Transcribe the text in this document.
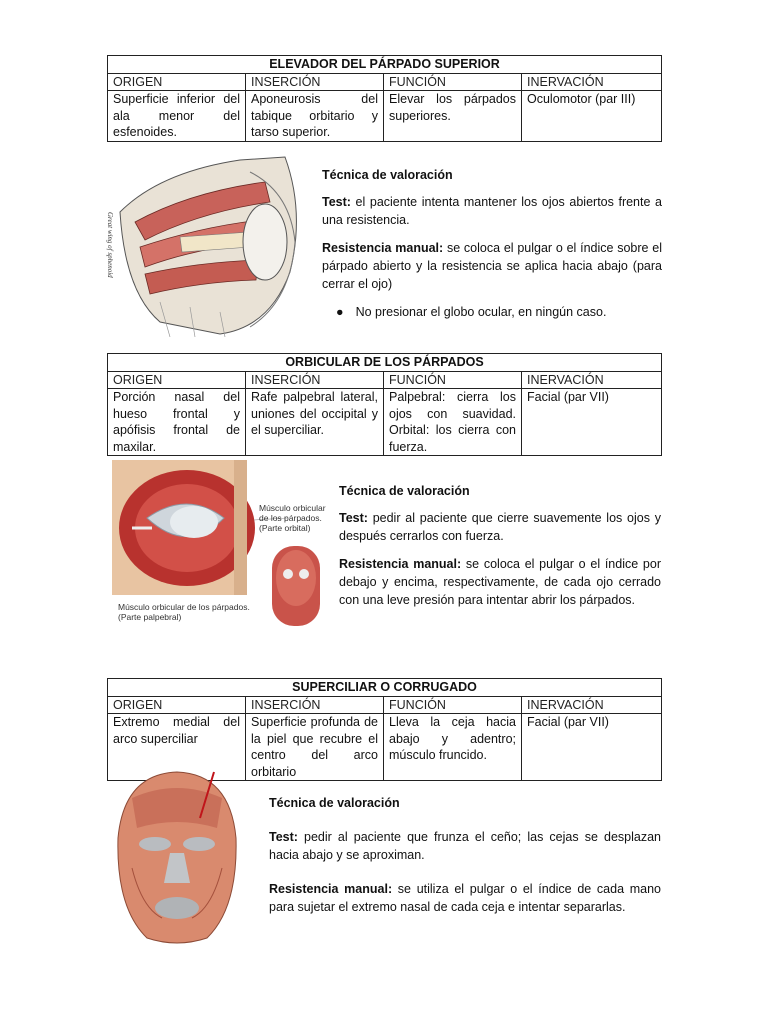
ELEVADOR DEL PÁRPADO SUPERIOR			
ORIGEN	INSERCIÓN	FUNCIÓN	INERVACIÓN
Superficie inferior del ala menor del esfenoides.	Aponeurosis del tabique orbitario y tarso superior.	Elevar los párpados superiores.	Oculomotor (par III)
Great wing of sphenoid
Técnica de valoración

Test: el paciente intenta mantener los ojos abiertos frente a una resistencia.

Resistencia manual: se coloca el pulgar o el índice sobre el párpado abierto y la resistencia se aplica hacia abajo (para cerrar el ojo)

● No presionar el globo ocular, en ningún caso.
ORBICULAR DE LOS PÁRPADOS			
ORIGEN	INSERCIÓN	FUNCIÓN	INERVACIÓN
Porción nasal del hueso frontal y apófisis frontal de maxilar.	Rafe palpebral lateral, uniones del occipital y el superciliar.	Palpebral: cierra los ojos con suavidad. Orbital: los cierra con fuerza.	Facial (par VII)
Músculo orbicular
de los párpados.
(Parte orbital)
Músculo orbicular de los párpados.
(Parte palpebral)
Técnica de valoración

Test: pedir al paciente que cierre suavemente los ojos y después cerrarlos con fuerza.

Resistencia manual: se coloca el pulgar o el índice por debajo y encima, respectivamente, de cada ojo cerrado con una leve presión para intentar abrir los párpados.

SUPERCILIAR O CORRUGADO			
ORIGEN	INSERCIÓN	FUNCIÓN	INERVACIÓN
Extremo medial del arco superciliar	Superficie profunda de la piel que recubre el centro del arco orbitario	Lleva la ceja hacia abajo y adentro; músculo fruncido.	Facial (par VII)
Técnica de valoración

Test: pedir al paciente que frunza el ceño; las cejas se desplazan hacia abajo y se aproximan.

Resistencia manual: se utiliza el pulgar o el índice de cada mano para sujetar el extremo nasal de cada ceja e intentar separarlas.
